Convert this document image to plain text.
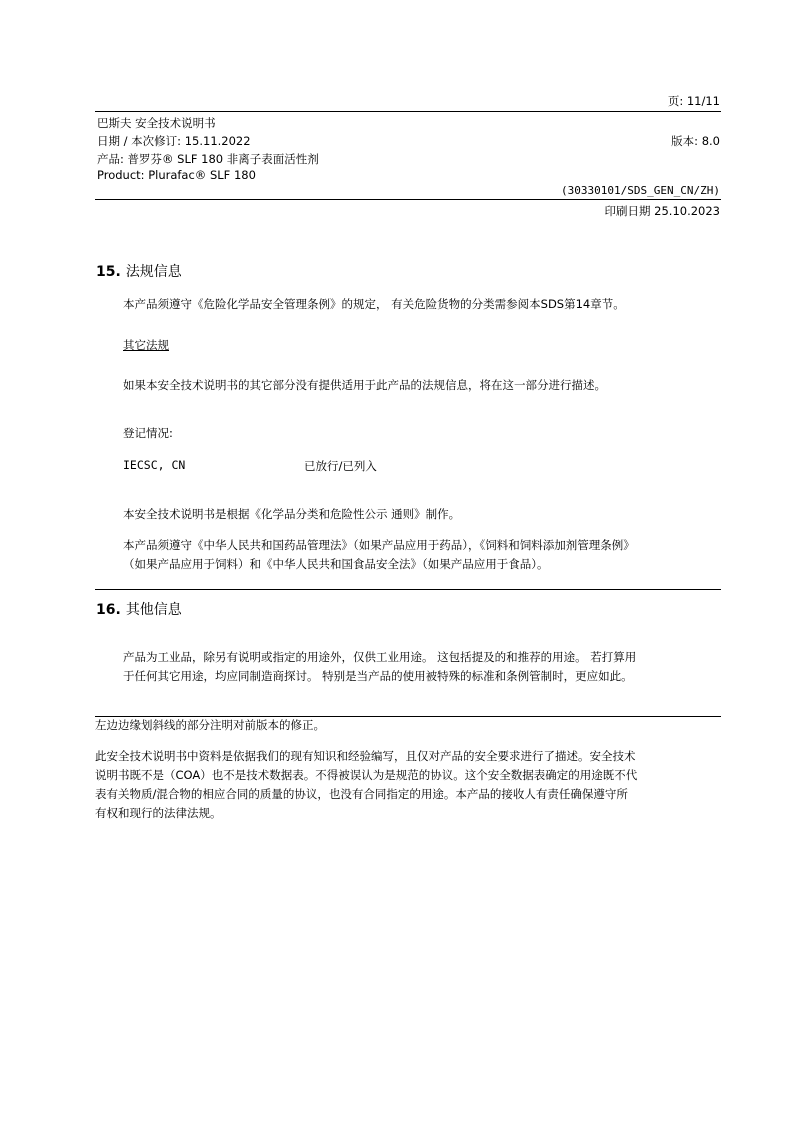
页: 11/11
巴斯夫 安全技术说明书
日期 / 本次修订: 15.11.2022	版本: 8.0
产品: 普罗芬® SLF 180 非离子表面活性剂
Product: Plurafac® SLF 180
(30330101/SDS_GEN_CN/ZH)
印刷日期 25.10.2023
15. 法规信息
本产品须遵守《危险化学品安全管理条例》的规定， 有关危险货物的分类需参阅本SDS第14章节。
其它法规
如果本安全技术说明书的其它部分没有提供适用于此产品的法规信息，将在这一部分进行描述。
登记情况:
IECSC, CN	已放行/已列入
本安全技术说明书是根据《化学品分类和危险性公示 通则》制作。
本产品须遵守《中华人民共和国药品管理法》（如果产品应用于药品），《饲料和饲料添加剂管理条例》
（如果产品应用于饲料）和《中华人民共和国食品安全法》（如果产品应用于食品）。
16. 其他信息
产品为工业品，除另有说明或指定的用途外，仅供工业用途。 这包括提及的和推荐的用途。 若打算用
于任何其它用途，均应同制造商探讨。 特别是当产品的使用被特殊的标准和条例管制时，更应如此。
左边边缘划斜线的部分注明对前版本的修正。
此安全技术说明书中资料是依据我们的现有知识和经验编写，且仅对产品的安全要求进行了描述。安全技术
说明书既不是（COA）也不是技术数据表。不得被误认为是规范的协议。这个安全数据表确定的用途既不代
表有关物质/混合物的相应合同的质量的协议，也没有合同指定的用途。本产品的接收人有责任确保遵守所
有权和现行的法律法规。
